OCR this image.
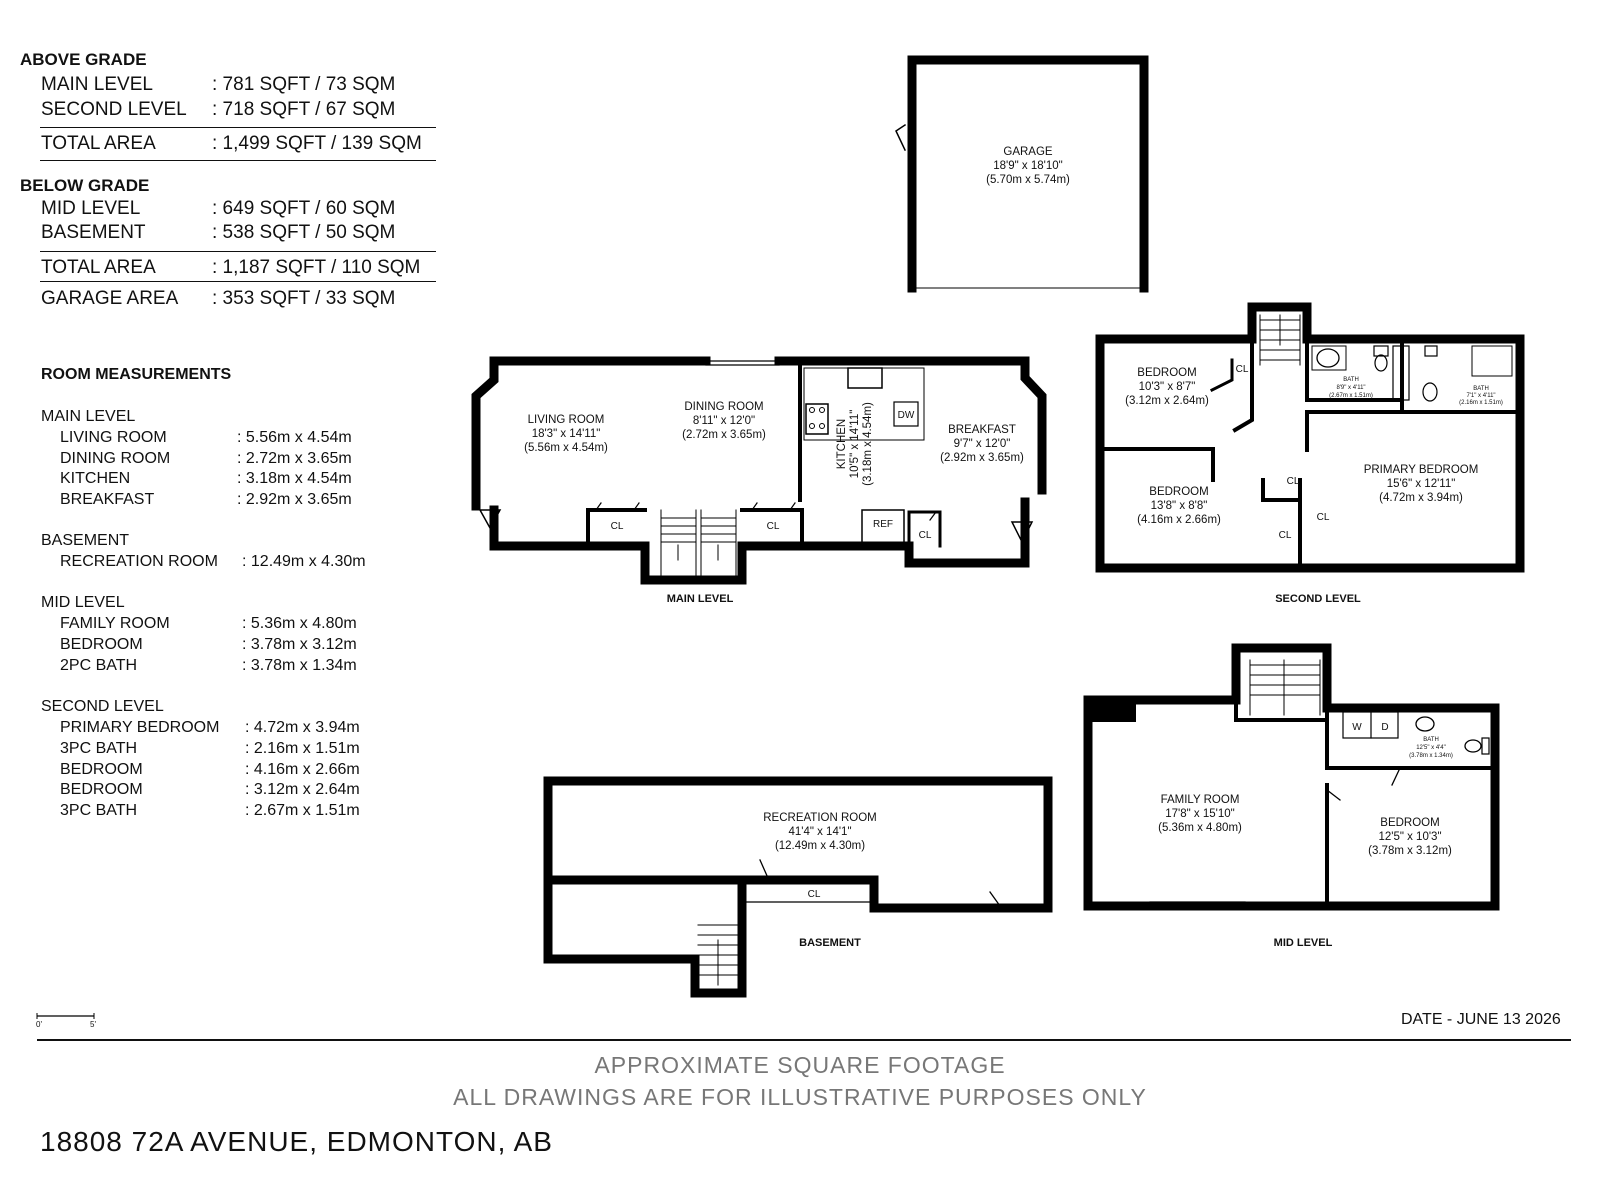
ABOVE GRADE
MAIN LEVEL	: 781 SQFT / 73 SQM
SECOND LEVEL : 718 SQFT / 67 SQM
TOTAL AREA	: 1,499 SQFT / 139 SQM
BELOW GRADE
MID LEVEL	: 649 SQFT / 60 SQM
BASEMENT	: 538 SQFT / 50 SQM
TOTAL AREA	: 1,187 SQFT / 110 SQM
GARAGE AREA : 353 SQFT / 33 SQM
ROOM MEASUREMENTS
MAIN LEVEL
LIVING ROOM	: 5.56m x 4.54m
DINING ROOM	: 2.72m x 3.65m
KITCHEN	: 3.18m x 4.54m
BREAKFAST	: 2.92m x 3.65m
BASEMENT
RECREATION ROOM : 12.49m x 4.30m
MID LEVEL
FAMILY ROOM	: 5.36m x 4.80m
BEDROOM	: 3.78m x 3.12m
2PC BATH	: 3.78m x 1.34m
SECOND LEVEL
PRIMARY BEDROOM : 4.72m x 3.94m
3PC BATH	: 2.16m x 1.51m
BEDROOM	: 4.16m x 2.66m
BEDROOM	: 3.12m x 2.64m
3PC BATH	: 2.67m x 1.51m
GARAGE
18'9" x 18'10"
(5.70m x 5.74m)
LIVING ROOM
18'3" x 14'11"
(5.56m x 4.54m)
DINING ROOM
8'11" x 12'0"
(2.72m x 3.65m)	KITCHEN 10'5" x 14'11" (3.18m x 4.54m) DW
BREAKFAST
9'7" x 12'0"
(2.92m x 3.65m)
REF
CL	CL
CL
MAIN LEVEL
BEDROOM
10'3" x 8'7"
(3.12m x 2.64m)
BEDROOM
13'8" x 8'8"
(4.16m x 2.66m)
PRIMARY BEDROOM
15'6" x 12'11"
(4.72m x 3.94m)
BATH
8'9" x 4'11"
(2.67m x 1.51m)
BATH
7'1" x 4'11"
(2.16m x 1.51m)
CL
CL
CL
CL
SECOND LEVEL
RECREATION ROOM
41'4" x 14'1"
(12.49m x 4.30m)
CL
BASEMENT
FAMILY ROOM
17'8" x 15'10"
(5.36m x 4.80m)	BEDROOM
12'5" x 10'3"
(3.78m x 3.12m)
BATH
12'5" x 4'4"
(3.78m x 1.34m)
W D
MID LEVEL
0'	5'	DATE - JUNE 13 2026
APPROXIMATE SQUARE FOOTAGE
ALL DRAWINGS ARE FOR ILLUSTRATIVE PURPOSES ONLY
18808 72A AVENUE, EDMONTON, AB
